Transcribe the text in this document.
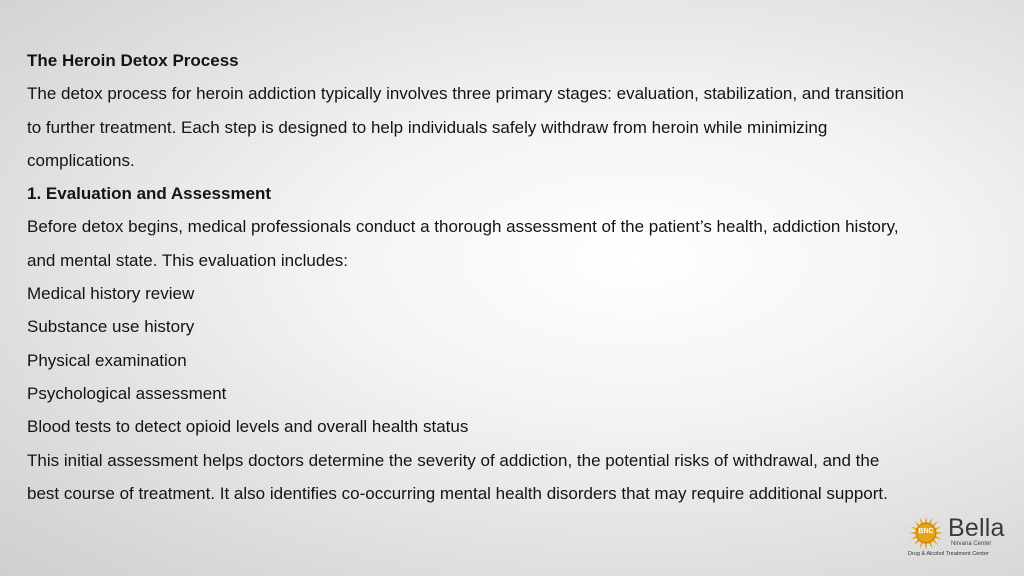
The Heroin Detox Process
The detox process for heroin addiction typically involves three primary stages: evaluation, stabilization, and transition
to further treatment. Each step is designed to help individuals safely withdraw from heroin while minimizing
complications.
1. Evaluation and Assessment
Before detox begins, medical professionals conduct a thorough assessment of the patient’s health, addiction history,
and mental state. This evaluation includes:
Medical history review
Substance use history
Physical examination
Psychological assessment
Blood tests to detect opioid levels and overall health status
This initial assessment helps doctors determine the severity of addiction, the potential risks of withdrawal, and the
best course of treatment. It also identifies co-occurring mental health disorders that may require additional support.
BNC Bella
Nirvana Center
Drug & Alcohol Treatment Center
